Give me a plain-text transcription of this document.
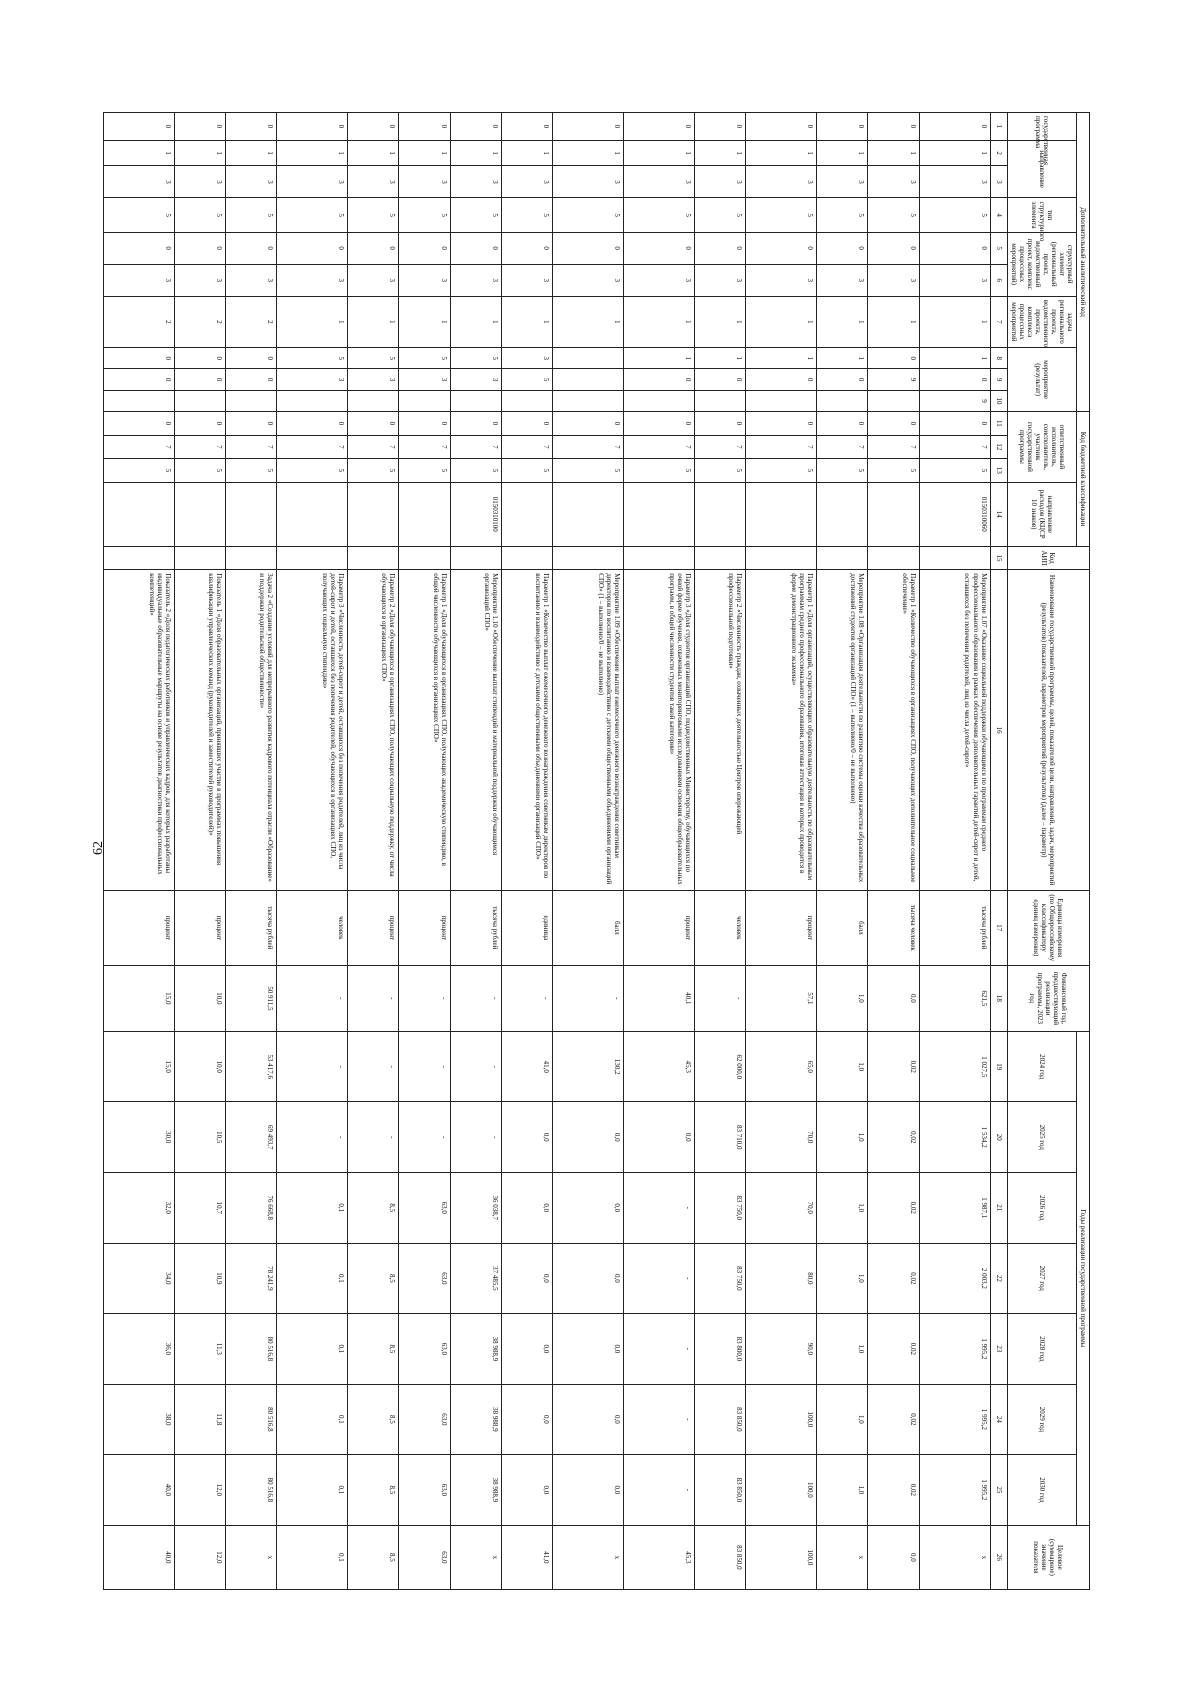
62
Дополнительный аналитический код										Код бюджетной классификации				Код АИП	Наименование государственной программы, целей, показателей цели, направлений, задач, мероприятий (результатов) показателей, параметров мероприятий (результатов) (далее – параметр)	Единица измерения (по Общероссийскому классификатору единиц измерения)	Финансовый год, предшествующий реализации программы, 2023 год	Годы реализации государственной программы							Целевое (суммарное) значение показателя
государственная программа	направление		тип структурного элемента	структурный элемент (региональный проект, ведомственный проект, комплекс процессных мероприятий)		задача регионального проекта, ведомственного проекта, комплекса процессных мероприятий	мероприятие (результат)			ответственный исполнитель, соисполнитель, участник государственной программы			направление расходов (КЦСР 10 знаков)					2024 год	2025 год	2026 год	2027 год	2028 год	2029 год	2030 год	

1	2	3	4	5	6	7	8	9	10	11	12	13	14	15	16	17	18	19	20	21	22	23	24	25	26
0	1	3	5	0	3	1	1	0	9	0	7	5	0150310060		Мероприятие 1.07 «Оказание социальной поддержки обучающимся по программам среднего профессионального образования в рамках обеспечения дополнительных гарантий детей-сирот и детей, оставшихся без попечения родителей, лиц из числа детей-сирот»	тысяча рублей	621,5	1 027,5	1 534,2	1 987,1	2 003,2	1 995,2	1 995,2	1 995,2	x
0	1	3	5	0	3	1	0	9		0	7	5			Параметр 1 «Количество обучающихся в организациях СПО, получающих дополнительное социальное обеспечение»	тысяча человек	0,0	0,02	0,02	0,02	0,02	0,02	0,02	0,02	0,0
0	1	3	5	0	3	1	1	0		0	7	5			Мероприятие 1.08 «Организация деятельности по развитию системы оценки качества образовательных достижений студентов организаций СПО» (1 – выполнено/0 – не выполнено)	балл	1,0	1,0	1,0	1,0	1,0	1,0	1,0	1,0	x
0	1	3	5	0	3	1	1	0		0	7	5			Параметр 1 «Доля организаций, осуществляющих образовательную деятельность по образовательным программам среднего профессионального образования, итоговая аттестация в которых проводится в форме демонстрационного экзамена»	процент	57,1	65,0	70,0	70,0	80,0	90,0	100,0	100,0	100,0
0	1	3	5	0	3	1	1	0		0	7	5			Параметр 2 «Численность граждан, охваченных деятельностью Центров опережающей профессиональной подготовки»	человек	-	62 000,0	83 710,0	83 750,0	83 750,0	83 800,0	83 850,0	83 850,0	83 850,0
0	1	3	5	0	3	1	1	0		0	7	5			Параметр 3 «Доля студентов организаций СПО, подведомственных Министерству, обучающихся по очной форме обучения, охваченных мониторинговыми исследованиями освоения общеобразовательных программ, в общей численности студентов такой категории»	процент	40,1	45,3	0,0	-	-	-	-	-	45,3
0	1	3	5	0	3	1				0	7	5			Мероприятие 1.09 «Обеспечение выплат ежемесячного денежного вознаграждения советникам директоров по воспитанию и взаимодействию с детскими общественными объединениями организаций СПО» (1 – выполнено/0 – не выполнено)	балл	-	130,2	0,0	0,0	0,0	0,0	0,0	0,0	x
0	1	3	5	0	3	1	3	5		0	7	5			Параметр 1 «Количество выплат ежемесячного денежного вознаграждения советникам директоров по воспитанию и взаимодействию с детскими общественными объединениями организаций СПО»	единица	-	41,0	0,0	0,0	0,0	0,0	0,0	0,0	41,0
0	1	3	5	0	3	1	5	3		0	7	5	0150310100		Мероприятие 1.10 «Обеспечение выплат стипендий и материальной поддержки обучающимся организаций СПО»	тысяча рублей	-	-	-	36 038,7	37 485,5	38 988,9	38 988,9	38 988,9	x
0	1	3	5	0	3	1	5	3		0	7	5			Параметр 1 «Доля обучающихся в организациях СПО, получающих академическую стипендию, в общей численности обучающихся в организациях СПО»	процент	-	-	-	63,0	63,0	63,0	63,0	63,0	63,0
0	1	3	5	0	3	1	5	3		0	7	5			Параметр 2 «Доля обучающихся в организациях СПО, получающих социальную поддержку, от числа обучающихся в организациях СПО»	процент	-	-	-	8,5	8,5	8,5	8,5	8,5	8,5
0	1	3	5	0	3	1	5	3		0	7	5			Параметр 3 «Численность детей-сирот и детей, оставшихся без попечения родителей, лиц из числа детей-сирот и детей, оставшихся без попечения родителей, обучающихся в организациях СПО, получающих социальную стипендию»	человек	-	-	-	0,1	0,1	0,1	0,1	0,1	0,1
0	1	3	5	0	3	2	0	0		0	7	5			Задача 2 «Создание условий для непрерывного развития кадрового потенциала отрасли «Образование» и поддержки родительской общественности»	тысяча рублей	50 911,5	53 417,6	69 493,7	76 668,8	78 241,9	80 516,8	80 516,8	80 516,8	x
0	1	3	5	0	3	2	0	0		0	7	5			Показатель 1 «Доля образовательных организаций, принявших участие в программах повышения квалификации управленческих команд (руководителей и заместителей руководителей)»	процент	10,0	10,0	10,5	10,7	10,9	11,3	11,8	12,0	12,0
0	1	3	5	0	3	2	0	0		0	7	5			Показатель 2 «Доля педагогических работников и управленческих кадров, для которых разработаны индивидуальные образовательные маршруты на основе результатов диагностики профессиональных компетенций»	процент	15,0	15,0	30,0	32,0	34,0	36,0	38,0	40,0	40,0
